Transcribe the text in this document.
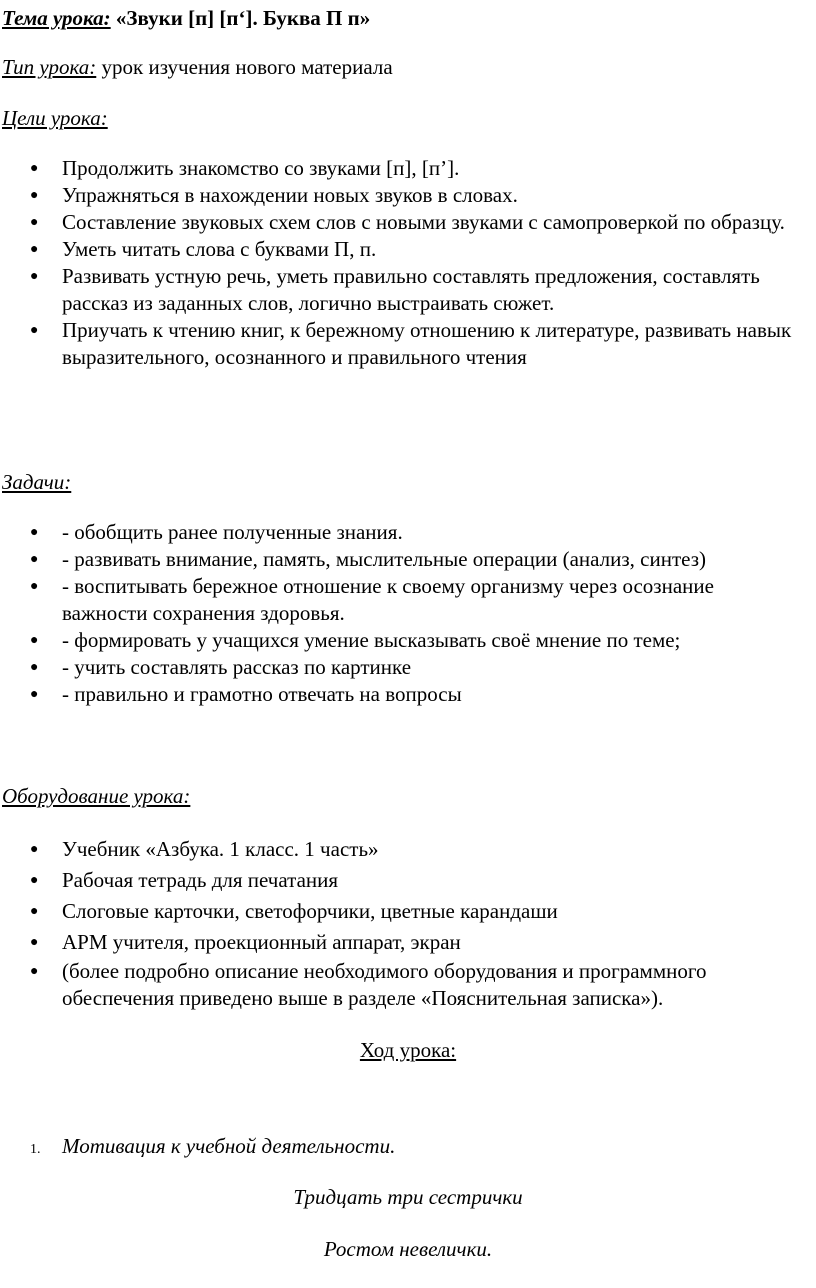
Тема урока: «Звуки [п] [п‘]. Буква П п»
Тип урока: урок изучения нового материала
Цели урока:
● Продолжить знакомство со звуками [п], [п’].
● Упражняться в нахождении новых звуков в словах.
● Составление звуковых схем слов с новыми звуками с самопроверкой по образцу.
● Уметь читать слова с буквами П, п.
● Развивать устную речь, уметь правильно составлять предложения, составлять рассказ из заданных слов, логично выстраивать сюжет.
● Приучать к чтению книг, к бережному отношению к литературе, развивать навык выразительного, осознанного и правильного чтения
Задачи:
● - обобщить ранее полученные знания.
● - развивать внимание, память, мыслительные операции (анализ, синтез)
● - воспитывать бережное отношение к своему организму через осознание важности сохранения здоровья.
● - формировать у учащихся умение высказывать своё мнение по теме;
● - учить составлять рассказ по картинке
● - правильно и грамотно отвечать на вопросы
Оборудование урока:
● Учебник «Азбука. 1 класс. 1 часть»
● Рабочая тетрадь для печатания
● Слоговые карточки, светофорчики, цветные карандаши
● АРМ учителя, проекционный аппарат, экран
● (более подробно описание необходимого оборудования и программного обеспечения приведено выше в разделе «Пояснительная записка»).
Ход урока:
1. Мотивация к учебной деятельности.
Тридцать три сестрички
Ростом невелички.
